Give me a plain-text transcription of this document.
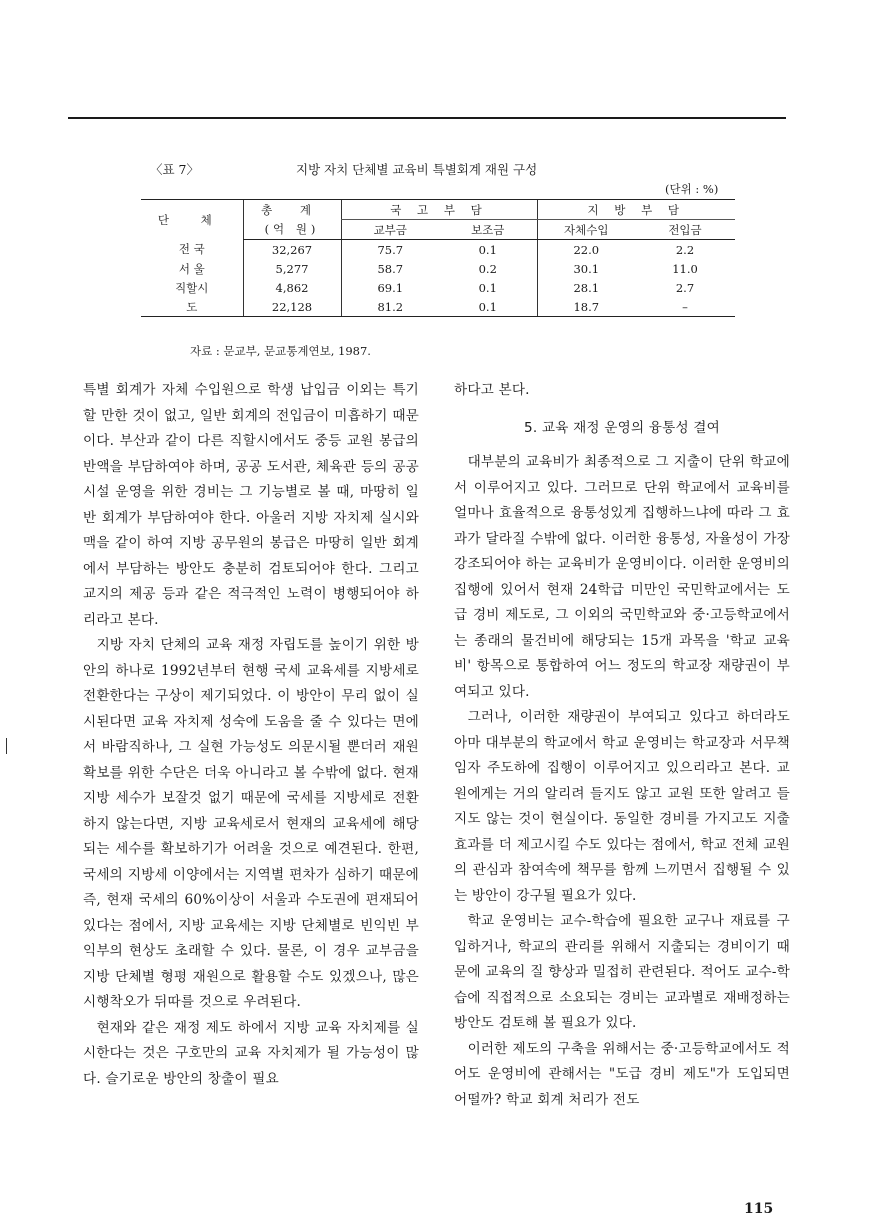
〈표 7〉	지방 자치 단체별 교육비 특별회계 재원 구성
(단위 : %)
단 체	총 계	국 고 부 담		지 방 부 담	
	(억 원)	교부금	보조금	자체수입	전입금
전 국	32,267	75.7	0.1	22.0	2.2
서 울	5,277	58.7	0.2	30.1	11.0
직할시	4,862	69.1	0.1	28.1	2.7
도	22,128	81.2	0.1	18.7	–
자료 : 문교부, 문교통계연보, 1987.

특별 회계가 자체 수입원으로 학생 납입금 이외는 특기할 만한 것이 없고, 일반 회계의 전입금이 미흡하기 때문이다. 부산과 같이 다른 직할시에서도 중등 교원 봉급의 반액을 부담하여야 하며, 공공 도서관, 체육관 등의 공공 시설 운영을 위한 경비는 그 기능별로 볼 때, 마땅히 일반 회계가 부담하여야 한다. 아울러 지방 자치제 실시와 맥을 같이 하여 지방 공무원의 봉급은 마땅히 일반 회계에서 부담하는 방안도 충분히 검토되어야 한다. 그리고 교지의 제공 등과 같은 적극적인 노력이 병행되어야 하리라고 본다.

지방 자치 단체의 교육 재정 자립도를 높이기 위한 방안의 하나로 1992년부터 현행 국세 교육세를 지방세로 전환한다는 구상이 제기되었다. 이 방안이 무리 없이 실시된다면 교육 자치제 성숙에 도움을 줄 수 있다는 면에서 바람직하나, 그 실현 가능성도 의문시될 뿐더러 재원 확보를 위한 수단은 더욱 아니라고 볼 수밖에 없다. 현재 지방 세수가 보잘것 없기 때문에 국세를 지방세로 전환하지 않는다면, 지방 교육세로서 현재의 교육세에 해당되는 세수를 확보하기가 어려울 것으로 예견된다. 한편, 국세의 지방세 이양에서는 지역별 편차가 심하기 때문에 즉, 현재 국세의 60%이상이 서울과 수도권에 편재되어 있다는 점에서, 지방 교육세는 지방 단체별로 빈익빈 부익부의 현상도 초래할 수 있다. 물론, 이 경우 교부금을 지방 단체별 형평 재원으로 활용할 수도 있겠으나, 많은 시행착오가 뒤따를 것으로 우려된다.

현재와 같은 재정 제도 하에서 지방 교육 자치제를 실시한다는 것은 구호만의 교육 자치제가 될 가능성이 많다. 슬기로운 방안의 창출이 필요

하다고 본다.

5. 교육 재정 운영의 융통성 결여

대부분의 교육비가 최종적으로 그 지출이 단위 학교에서 이루어지고 있다. 그러므로 단위 학교에서 교육비를 얼마나 효율적으로 융통성있게 집행하느냐에 따라 그 효과가 달라질 수밖에 없다. 이러한 융통성, 자율성이 가장 강조되어야 하는 교육비가 운영비이다. 이러한 운영비의 집행에 있어서 현재 24학급 미만인 국민학교에서는 도급 경비 제도로, 그 이외의 국민학교와 중·고등학교에서는 종래의 물건비에 해당되는 15개 과목을 '학교 교육비' 항목으로 통합하여 어느 정도의 학교장 재량권이 부여되고 있다.

그러나, 이러한 재량권이 부여되고 있다고 하더라도 아마 대부분의 학교에서 학교 운영비는 학교장과 서무책임자 주도하에 집행이 이루어지고 있으리라고 본다. 교원에게는 거의 알리려 들지도 않고 교원 또한 알려고 들지도 않는 것이 현실이다. 동일한 경비를 가지고도 지출 효과를 더 제고시킬 수도 있다는 점에서, 학교 전체 교원의 관심과 참여속에 책무를 함께 느끼면서 집행될 수 있는 방안이 강구될 필요가 있다.

학교 운영비는 교수-학습에 필요한 교구나 재료를 구입하거나, 학교의 관리를 위해서 지출되는 경비이기 때문에 교육의 질 향상과 밀접히 관련된다. 적어도 교수-학습에 직접적으로 소요되는 경비는 교과별로 재배정하는 방안도 검토해 볼 필요가 있다.

이러한 제도의 구축을 위해서는 중·고등학교에서도 적어도 운영비에 관해서는 "도급 경비 제도"가 도입되면 어떨까? 학교 회계 처리가 전도

115
